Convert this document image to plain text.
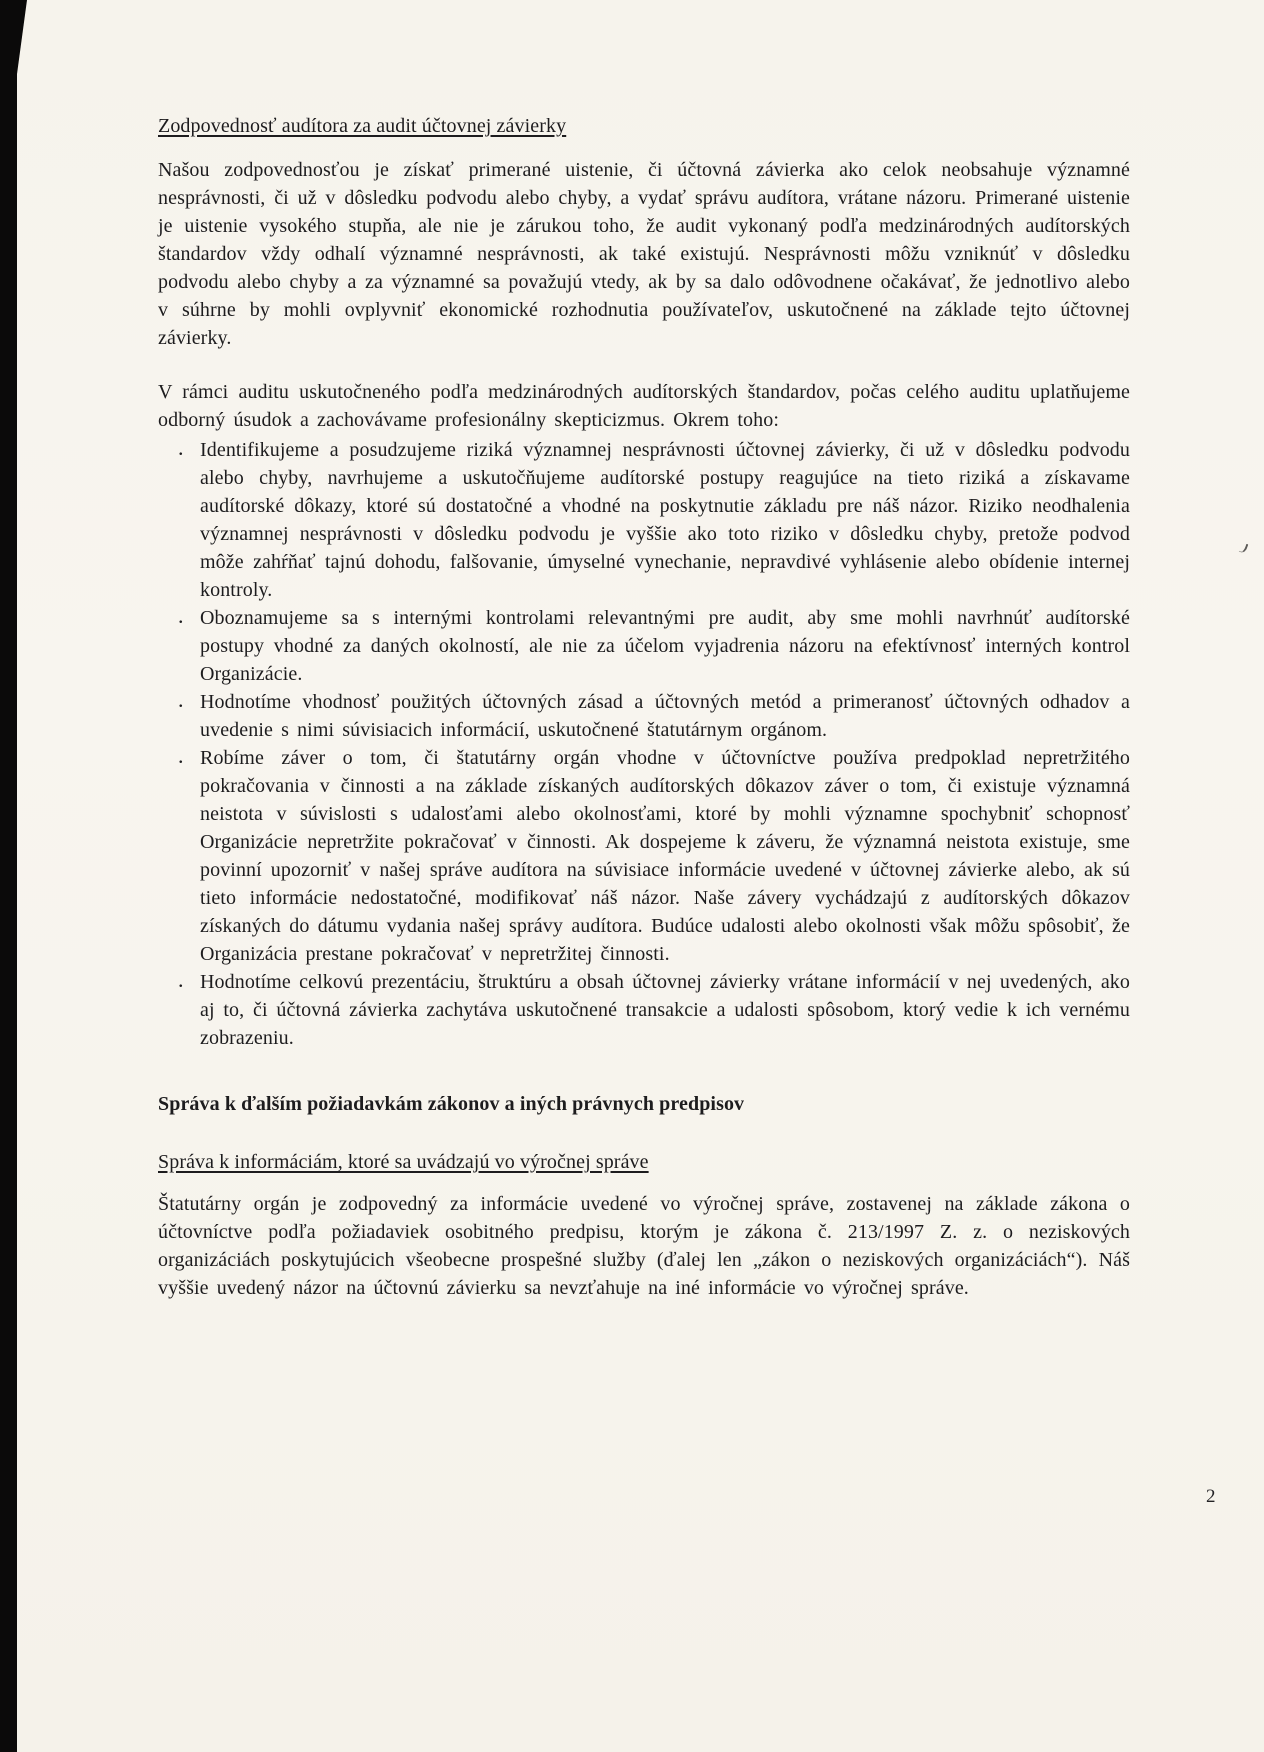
Zodpovednosť audítora za audit účtovnej závierky

Našou zodpovednosťou je získať primerané uistenie, či účtovná závierka ako celok neobsahuje významné nesprávnosti, či už v dôsledku podvodu alebo chyby, a vydať správu audítora, vrátane názoru. Primerané uistenie je uistenie vysokého stupňa, ale nie je zárukou toho, že audit vykonaný podľa medzinárodných audítorských štandardov vždy odhalí významné nesprávnosti, ak také existujú. Nesprávnosti môžu vzniknúť v dôsledku podvodu alebo chyby a za významné sa považujú vtedy, ak by sa dalo odôvodnene očakávať, že jednotlivo alebo v súhrne by mohli ovplyvniť ekonomické rozhodnutia používateľov, uskutočnené na základe tejto účtovnej závierky.

V rámci auditu uskutočneného podľa medzinárodných audítorských štandardov, počas celého auditu uplatňujeme odborný úsudok a zachovávame profesionálny skepticizmus. Okrem toho:

. Identifikujeme a posudzujeme riziká významnej nesprávnosti účtovnej závierky, či už v dôsledku podvodu alebo chyby, navrhujeme a uskutočňujeme audítorské postupy reagujúce na tieto riziká a získavame audítorské dôkazy, ktoré sú dostatočné a vhodné na poskytnutie základu pre náš názor. Riziko neodhalenia významnej nesprávnosti v dôsledku podvodu je vyššie ako toto riziko v dôsledku chyby, pretože podvod môže zahŕňať tajnú dohodu, falšovanie, úmyselné vynechanie, nepravdivé vyhlásenie alebo obídenie internej kontroly.
. Oboznamujeme sa s internými kontrolami relevantnými pre audit, aby sme mohli navrhnúť audítorské postupy vhodné za daných okolností, ale nie za účelom vyjadrenia názoru na efektívnosť interných kontrol Organizácie.
. Hodnotíme vhodnosť použitých účtovných zásad a účtovných metód a primeranosť účtovných odhadov a uvedenie s nimi súvisiacich informácií, uskutočnené štatutárnym orgánom.
. Robíme záver o tom, či štatutárny orgán vhodne v účtovníctve používa predpoklad nepretržitého pokračovania v činnosti a na základe získaných audítorských dôkazov záver o tom, či existuje významná neistota v súvislosti s udalosťami alebo okolnosťami, ktoré by mohli významne spochybniť schopnosť Organizácie nepretržite pokračovať v činnosti. Ak dospejeme k záveru, že významná neistota existuje, sme povinní upozorniť v našej správe audítora na súvisiace informácie uvedené v účtovnej závierke alebo, ak sú tieto informácie nedostatočné, modifikovať náš názor. Naše závery vychádzajú z audítorských dôkazov získaných do dátumu vydania našej správy audítora. Budúce udalosti alebo okolnosti však môžu spôsobiť, že Organizácia prestane pokračovať v nepretržitej činnosti.
. Hodnotíme celkovú prezentáciu, štruktúru a obsah účtovnej závierky vrátane informácií v nej uvedených, ako aj to, či účtovná závierka zachytáva uskutočnené transakcie a udalosti spôsobom, ktorý vedie k ich vernému zobrazeniu.
Správa k ďalším požiadavkám zákonov a iných právnych predpisov
Správa k informáciám, ktoré sa uvádzajú vo výročnej správe

Štatutárny orgán je zodpovedný za informácie uvedené vo výročnej správe, zostavenej na základe zákona o účtovníctve podľa požiadaviek osobitného predpisu, ktorým je zákona č. 213/1997 Z. z. o neziskových organizáciách poskytujúcich všeobecne prospešné služby (ďalej len „zákon o neziskových organizáciách“). Náš vyššie uvedený názor na účtovnú závierku sa nevzťahuje na iné informácie vo výročnej správe.

2
